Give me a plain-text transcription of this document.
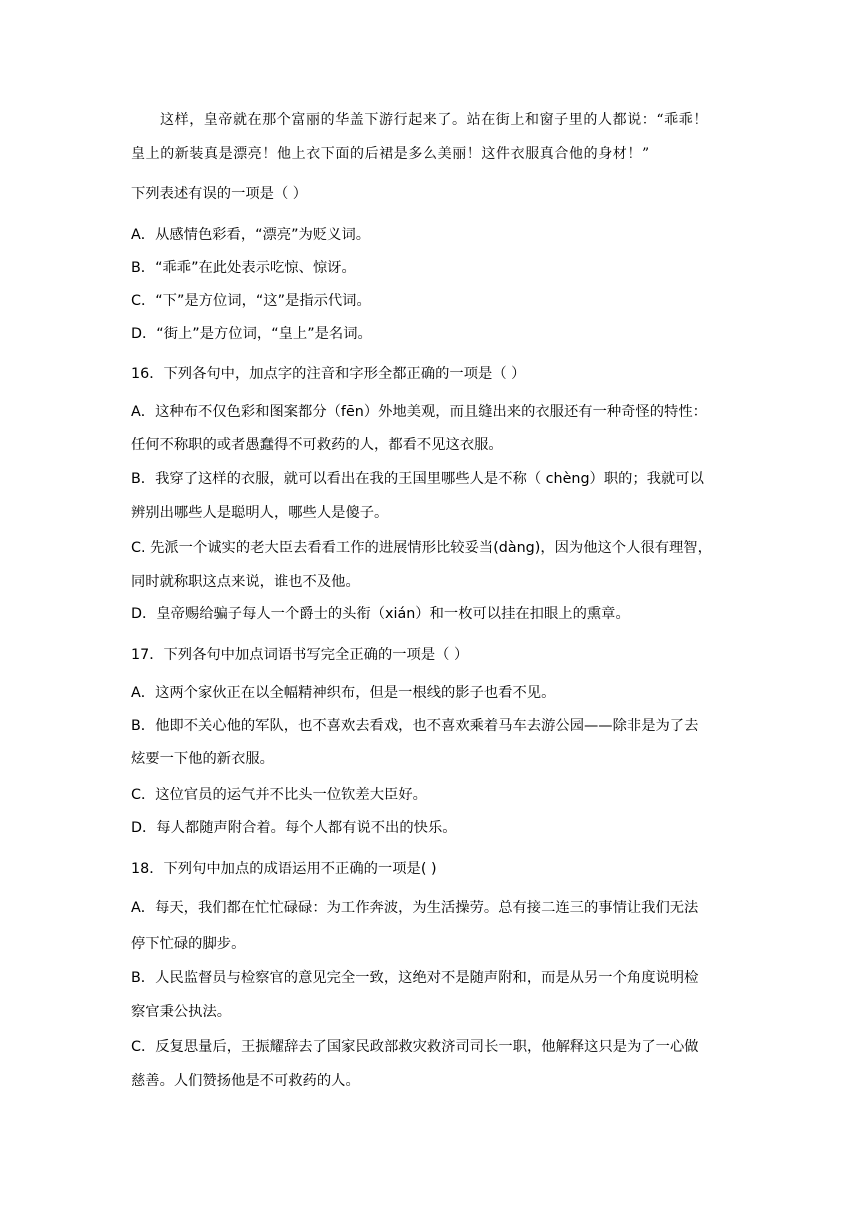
这样，皇帝就在那个富丽的华盖下游行起来了。站在街上和窗子里的人都说：“乖乖！
皇上的新装真是漂亮！他上衣下面的后裙是多么美丽！这件衣服真合他的身材！”
下列表述有误的一项是（ ）
A．从感情色彩看，“漂亮”为贬义词。
B．“乖乖”在此处表示吃惊、惊讶。
C．“下”是方位词，“这”是指示代词。
D．“街上”是方位词，“皇上”是名词。
16．下列各句中，加点字的注音和字形全都正确的一项是（ ）
A．这种布不仅色彩和图案都分（fēn）外地美观，而且缝出来的衣服还有一种奇怪的特性：
任何不称职的或者愚蠢得不可救药的人，都看不见这衣服。
B．我穿了这样的衣服，就可以看出在我的王国里哪些人是不称（ chèng）职的；我就可以
辨别出哪些人是聪明人，哪些人是傻子。
C. 先派一个诚实的老大臣去看看工作的进展情形比较妥当(dàng)，因为他这个人很有理智，
同时就称职这点来说，谁也不及他。
D．皇帝赐给骗子每人一个爵士的头衔（xián）和一枚可以挂在扣眼上的熏章。
17．下列各句中加点词语书写完全正确的一项是（ ）
A．这两个家伙正在以全幅精神织布，但是一根线的影子也看不见。
B．他即不关心他的军队，也不喜欢去看戏，也不喜欢乘着马车去游公园——除非是为了去
炫要一下他的新衣服。
C．这位官员的运气并不比头一位钦差大臣好。
D．每人都随声附合着。每个人都有说不出的快乐。
18．下列句中加点的成语运用不正确的一项是( )
A．每天，我们都在忙忙碌碌：为工作奔波，为生活操劳。总有接二连三的事情让我们无法
停下忙碌的脚步。
B．人民监督员与检察官的意见完全一致，这绝对不是随声附和，而是从另一个角度说明检
察官秉公执法。
C．反复思量后，王振耀辞去了国家民政部救灾救济司司长一职，他解释这只是为了一心做
慈善。人们赞扬他是不可救药的人。
